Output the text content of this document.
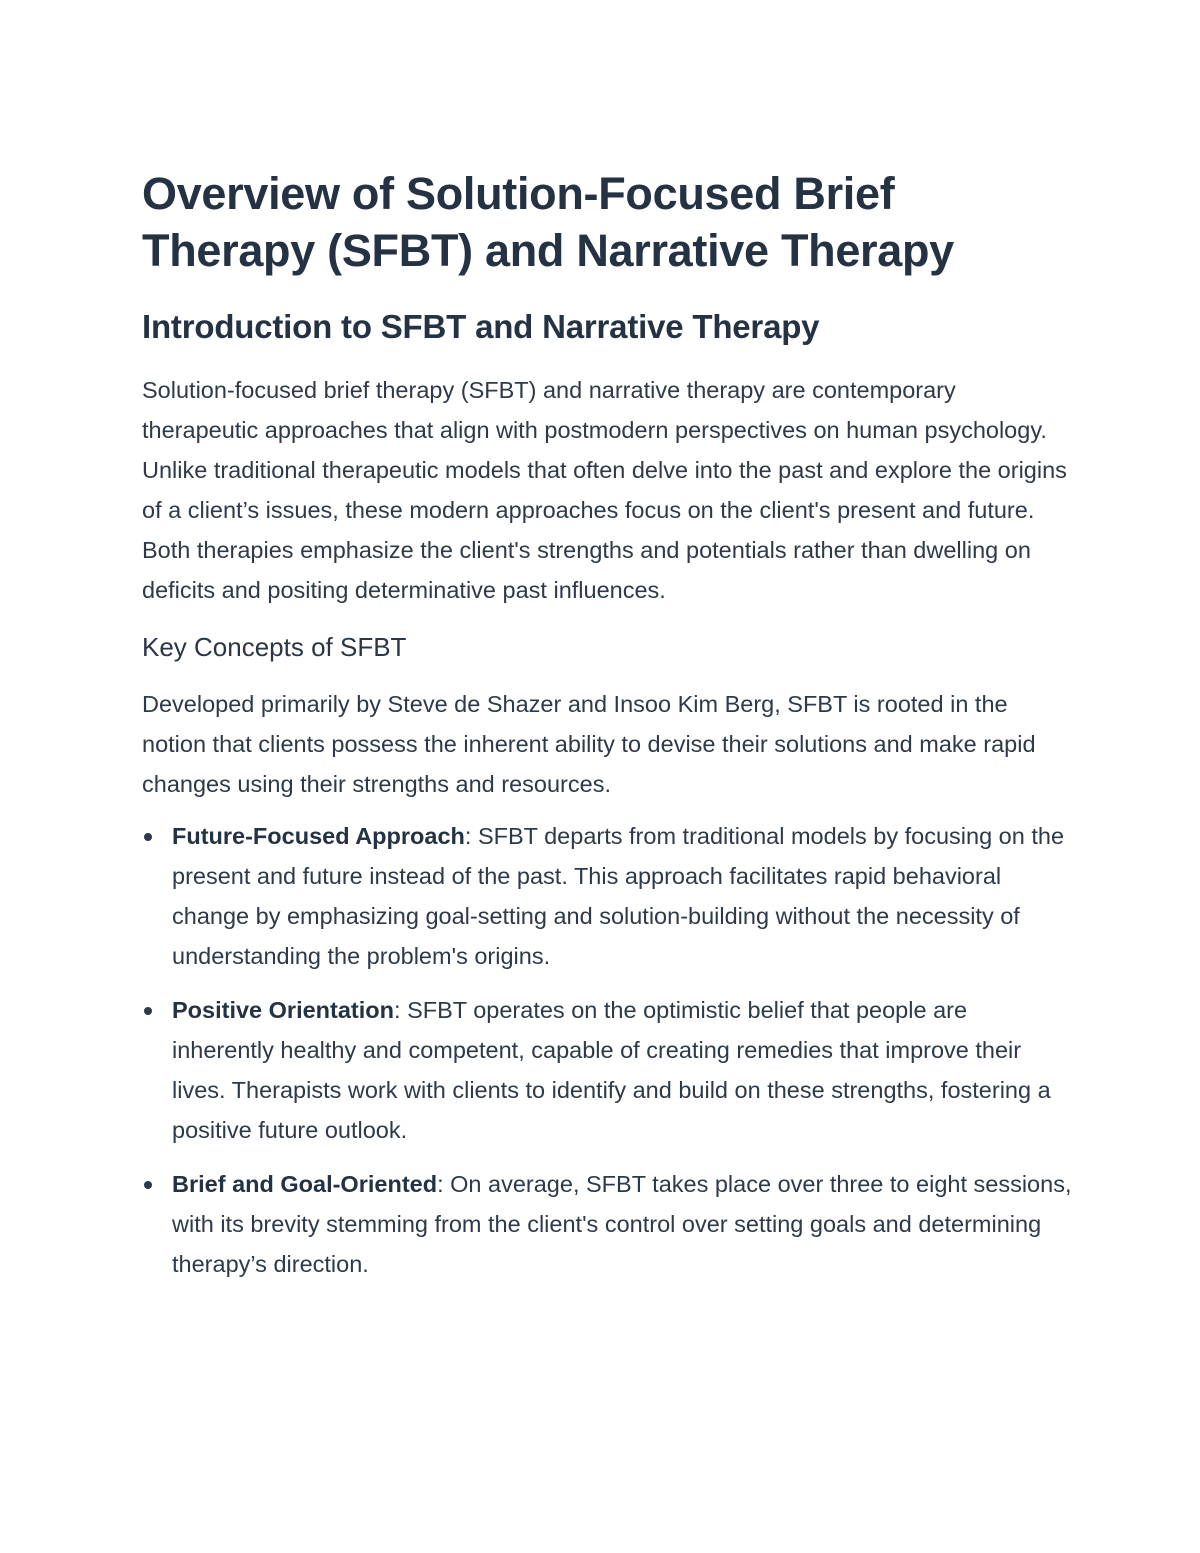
Overview of Solution-Focused Brief Therapy (SFBT) and Narrative Therapy
Introduction to SFBT and Narrative Therapy

Solution-focused brief therapy (SFBT) and narrative therapy are contemporary therapeutic approaches that align with postmodern perspectives on human psychology. Unlike traditional therapeutic models that often delve into the past and explore the origins of a client’s issues, these modern approaches focus on the client's present and future. Both therapies emphasize the client's strengths and potentials rather than dwelling on deficits and positing determinative past influences.

Key Concepts of SFBT

Developed primarily by Steve de Shazer and Insoo Kim Berg, SFBT is rooted in the notion that clients possess the inherent ability to devise their solutions and make rapid changes using their strengths and resources.

Future-Focused Approach: SFBT departs from traditional models by focusing on the present and future instead of the past. This approach facilitates rapid behavioral change by emphasizing goal-setting and solution-building without the necessity of understanding the problem's origins.
Positive Orientation: SFBT operates on the optimistic belief that people are inherently healthy and competent, capable of creating remedies that improve their lives. Therapists work with clients to identify and build on these strengths, fostering a positive future outlook.
Brief and Goal-Oriented: On average, SFBT takes place over three to eight sessions, with its brevity stemming from the client's control over setting goals and determining therapy’s direction.
